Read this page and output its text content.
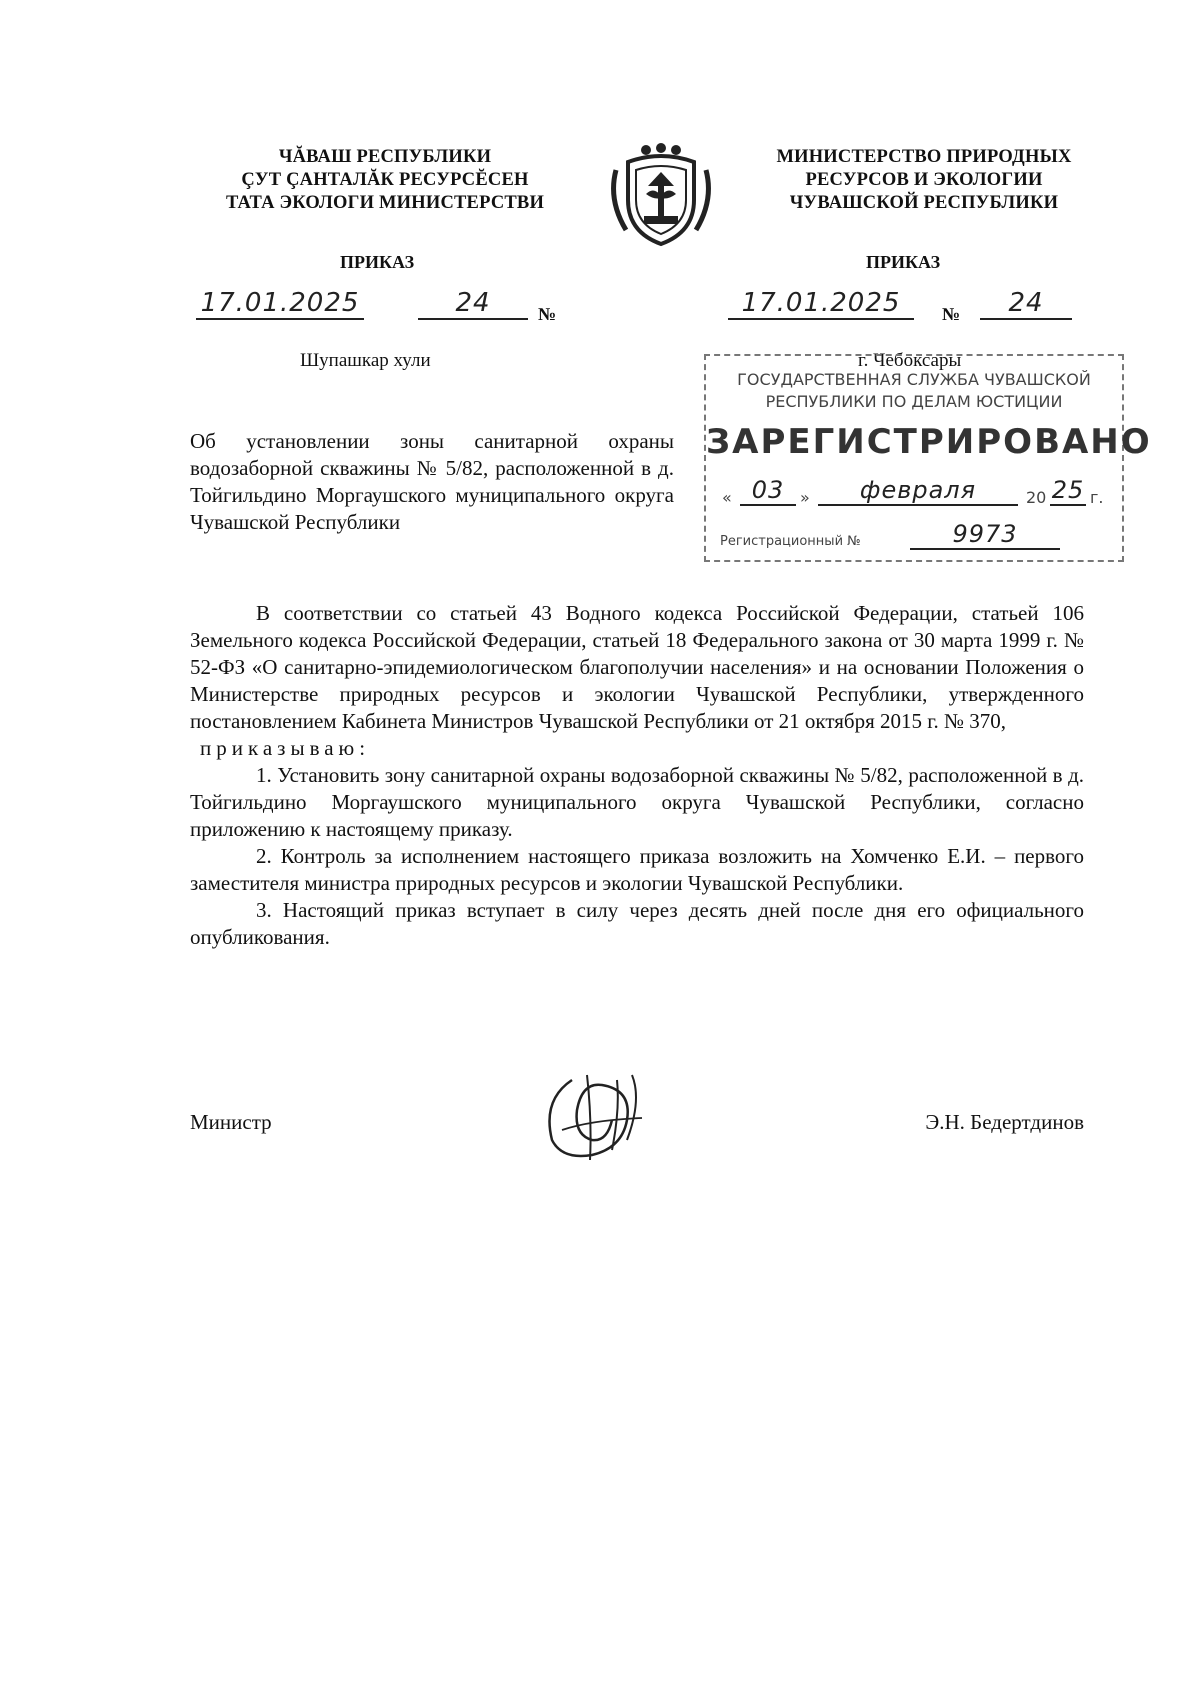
ЧĂВАШ РЕСПУБЛИКИ
ÇУТ ÇАНТАЛĂК РЕСУРСĔСЕН
ТАТА ЭКОЛОГИ МИНИСТЕРСТВИ
МИНИСТЕРСТВО ПРИРОДНЫХ
РЕСУРСОВ И ЭКОЛОГИИ
ЧУВАШСКОЙ РЕСПУБЛИКИ
ПРИКАЗ	ПРИКАЗ
17.01.2025	24	№	17.01.2025	№	24
Шупашкар хули	г. Чебоксары
ГОСУДАРСТВЕННАЯ СЛУЖБА ЧУВАШСКОЙ
РЕСПУБЛИКИ ПО ДЕЛАМ ЮСТИЦИИ
ЗАРЕГИСТРИРОВАНО
« 03 »	февраля	20 25 г.
Регистрационный №	9973
Об установлении зоны санитарной охраны водозаборной скважины № 5/82, расположенной в д. Тойгильдино Моргаушского муниципального округа Чувашской Республики

В соответствии со статьей 43 Водного кодекса Российской Федерации, статьей 106 Земельного кодекса Российской Федерации, статьей 18 Федерального закона от 30 марта 1999 г. № 52-ФЗ «О санитарно-эпидемиологическом благополучии населения» и на основании Положения о Министерстве природных ресурсов и экологии Чувашской Республики, утвержденного постановлением Кабинета Министров Чувашской Республики от 21 октября 2015 г. № 370,

приказываю:

1. Установить зону санитарной охраны водозаборной скважины № 5/82, расположенной в д. Тойгильдино Моргаушского муниципального округа Чувашской Республики, согласно приложению к настоящему приказу.

2. Контроль за исполнением настоящего приказа возложить на Хомченко Е.И. – первого заместителя министра природных ресурсов и экологии Чувашской Республики.

3. Настоящий приказ вступает в силу через десять дней после дня его официального опубликования.

Министр	Э.Н. Бедертдинов
